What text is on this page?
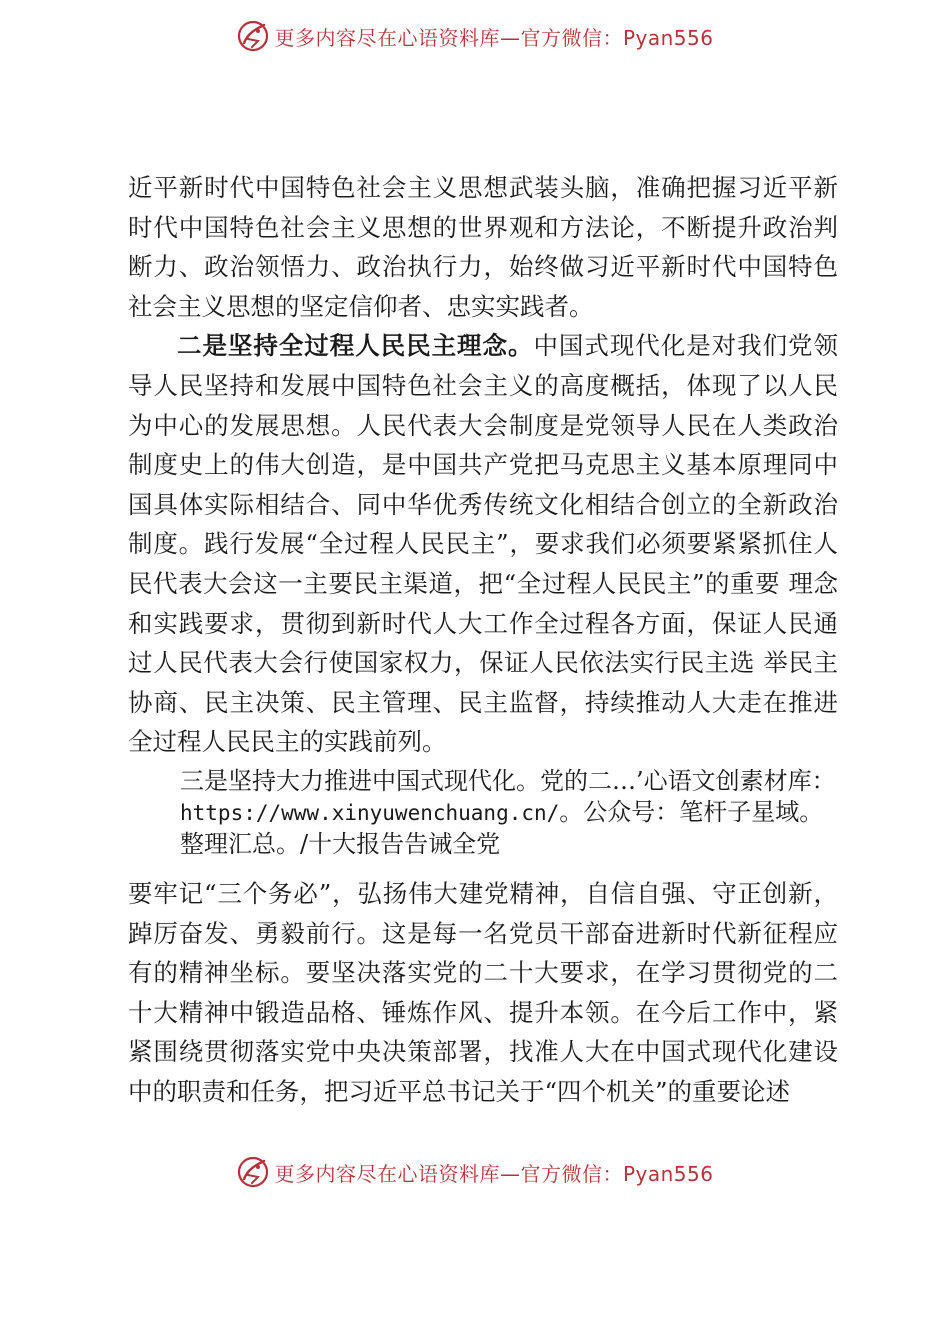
更多内容尽在心语资料库—官方微信：Pyan556

近平新时代中国特色社会主义思想武装头脑，准确把握习近平新时代中国特色社会主义思想的世界观和方法论，不断提升政治判断力、政治领悟力、政治执行力，始终做习近平新时代中国特色社会主义思想的坚定信仰者、忠实实践者。

二是坚持全过程人民民主理念。中国式现代化是对我们党领导人民坚持和发展中国特色社会主义的高度概括，体现了以人民为中心的发展思想。人民代表大会制度是党领导人民在人类政治制度史上的伟大创造，是中国共产党把马克思主义基本原理同中国具体实际相结合、同中华优秀传统文化相结合创立的全新政治制度。践行发展“全过程人民民主”，要求我们必须要紧紧抓住人民代表大会这一主要民主渠道，把“全过程人民民主”的重要 理念和实践要求，贯彻到新时代人大工作全过程各方面，保证人民通过人民代表大会行使国家权力，保证人民依法实行民主选 举民主协商、民主决策、民主管理、民主监督，持续推动人大走在推进全过程人民民主的实践前列。

三是坚持大力推进中国式现代化。党的二…’心语文创素材库：https://www.xinyuwenchuang.cn/。公众号：笔杆子星域。整理汇总。/十大报告告诫全党

要牢记“三个务必”，弘扬伟大建党精神，自信自强、守正创新，踔厉奋发、勇毅前行。这是每一名党员干部奋进新时代新征程应有的精神坐标。要坚决落实党的二十大要求，在学习贯彻党的二十大精神中锻造品格、锤炼作风、提升本领。在今后工作中，紧紧围绕贯彻落实党中央决策部署，找准人大在中国式现代化建设中的职责和任务，把习近平总书记关于“四个机关”的重要论述

更多内容尽在心语资料库—官方微信：Pyan556
